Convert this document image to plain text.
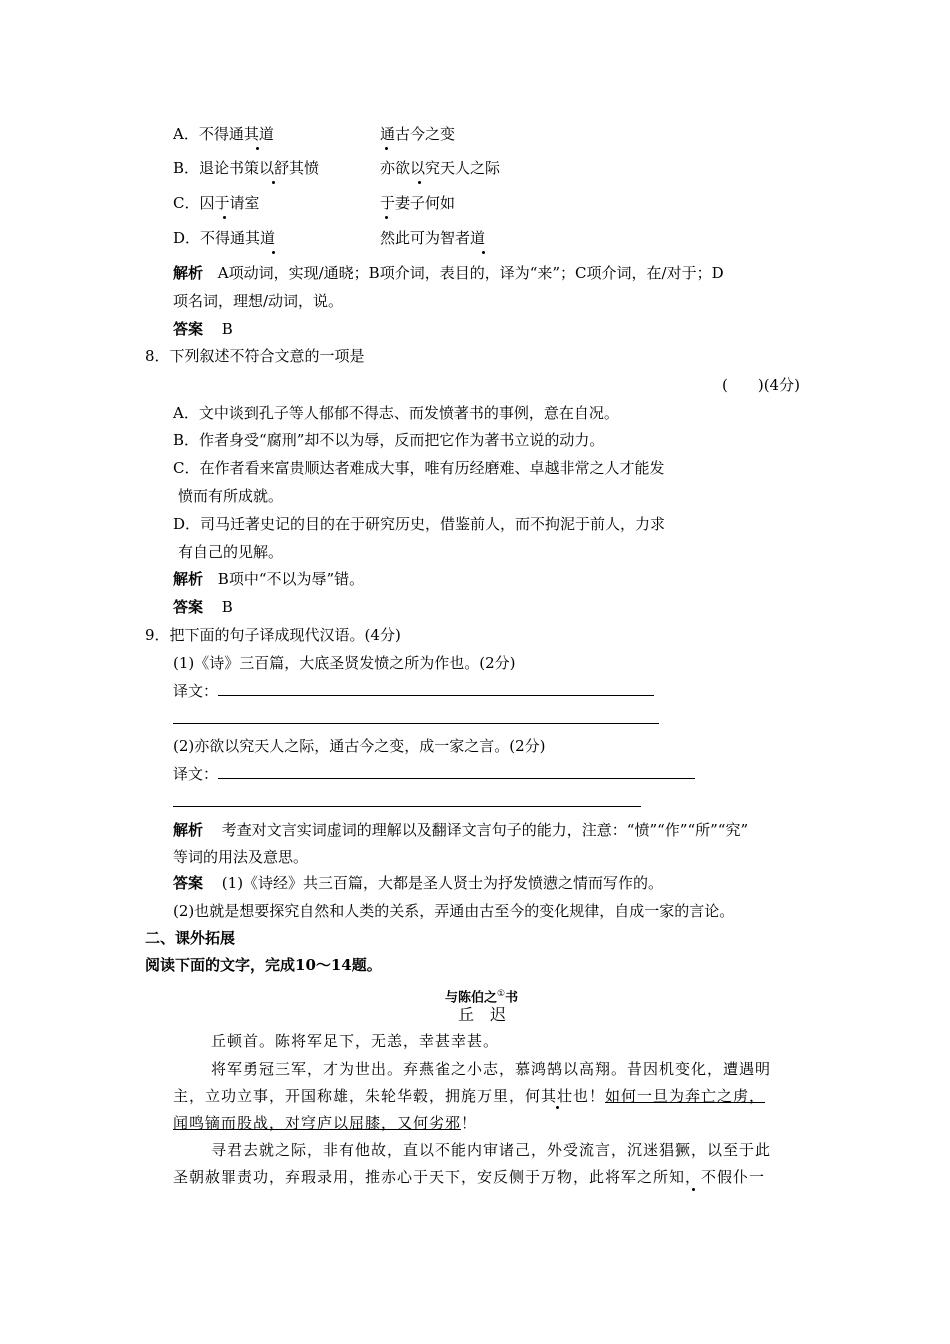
A．不得通其道	通古今之变
B．退论书策以舒其愤	亦欲以究天人之际
C．囚于请室	于妻子何如
D．不得通其道	然此可为智者道
解析 A项动词，实现/通晓；B项介词，表目的，译为“来”；C项介词，在/对于；D
项名词，理想/动词，说。
答案 B
8．下列叙述不符合文意的一项是
(　　)(4分)
A．文中谈到孔子等人郁郁不得志、而发愤著书的事例，意在自况。
B．作者身受“腐刑”却不以为辱，反而把它作为著书立说的动力。
C．在作者看来富贵顺达者难成大事，唯有历经磨难、卓越非常之人才能发
愤而有所成就。
D．司马迁著史记的目的在于研究历史，借鉴前人，而不拘泥于前人，力求
有自己的见解。
解析 B项中“不以为辱”错。
答案 B
9．把下面的句子译成现代汉语。(4分)
(1)《诗》三百篇，大底圣贤发愤之所为作也。(2分)
译文：
(2)亦欲以究天人之际，通古今之变，成一家之言。(2分)
译文：
解析 考查对文言实词虚词的理解以及翻译文言句子的能力，注意：“愤”“作”“所”“究”
等词的用法及意思。
答案 (1)《诗经》共三百篇，大都是圣人贤士为抒发愤懑之情而写作的。
(2)也就是想要探究自然和人类的关系，弄通由古至今的变化规律，自成一家的言论。
二、课外拓展
阅读下面的文字，完成10～14题。
与陈伯之①书
丘　迟
丘顿首。陈将军足下，无恙，幸甚幸甚。
将军勇冠三军，才为世出。弃燕雀之小志，慕鸿鹄以高翔。昔因机变化，遭遇明
主，立功立事，开国称雄，朱轮华毂，拥旄万里，何其壮也！如何一旦为奔亡之虏，
闻鸣镝而股战，对穹庐以屈膝，又何劣邪！
寻君去就之际，非有他故，直以不能内审诸己，外受流言，沉迷猖獗，以至于此
圣朝赦罪责功，弃瑕录用，推赤心于天下，安反侧于万物，此将军之所知，不假仆一
